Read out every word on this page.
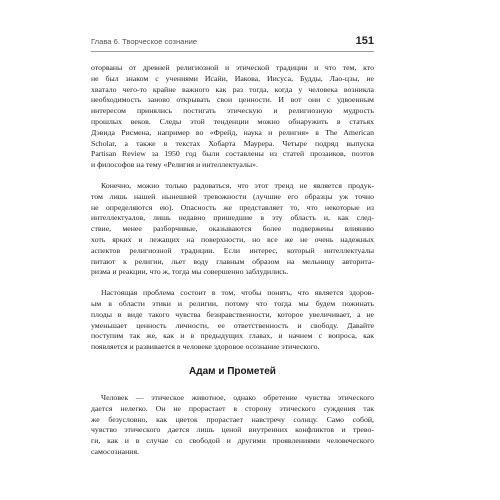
Глава 6. Творческое сознание	151
оторваны от древней религиозной и этической традиции и что тем, кто
не был знаком с учениями Исайи, Иакова, Иисуса, Будды, Лао-цзы, не
хватало чего-то крайне важного как раз тогда, когда у человека возникла
необходимость заново открывать свои ценности. И вот они с удвоенным
интересом принялись постигать этическую и религиозную мудрость
прошлых веков. Следы этой тенденции можно обнаружить в статьях
Дэвида Рисмена, например во «Фрейд, наука и религия» в The American
Scholar, а также в текстах Хобарта Маурера. Четыре подряд выпуска
Partisan Review за 1950 год были составлены из статей прозаиков, поэтов
и философов на тему «Религия и интеллектуалы».
Конечно, можно только радоваться, что этот тренд не является продук-
том лишь нашей нынешней тревожности (лучшие его образцы уж точно
не определяются ею). Опасность же представляет то, что некоторые из
интеллектуалов, лишь недавно пришедшие в эту область и, как след-
ствие, менее разборчивые, оказываются более подвержены влиянию
хоть ярких и лежащих на поверхности, но все же не очень надежных
аспектов религиозной традиции. Если интерес, который интеллектуалы
питают к религии, льет воду главным образом на мельницу авторита-
ризма и реакции, что ж, тогда мы совершенно заблудились.
Настоящая проблема состоит в том, чтобы понять, что является здоров-
ым в области этики и религии, потому что тогда мы будем пожинать
плоды в виде такого чувства безнравственности, которое увеличивает, а не
уменьшает ценность личности, ее ответственность и свободу. Давайте
поступим так же, как и в предыдущих главах, и начнем с вопроса, как
появляется и развивается в человеке здоровое осознание этического.
Адам и Прометей
Человек — этическое животное, однако обретение чувства этического
дается нелегко. Он не прорастает в сторону этического суждения так
же безусловно, как цветок прорастает навстречу солнцу. Само собой,
чувство этического дается лишь ценой внутренних конфликтов и трево-
ги, как и в случае со свободой и другими проявлениями человеческого
самосознания.
